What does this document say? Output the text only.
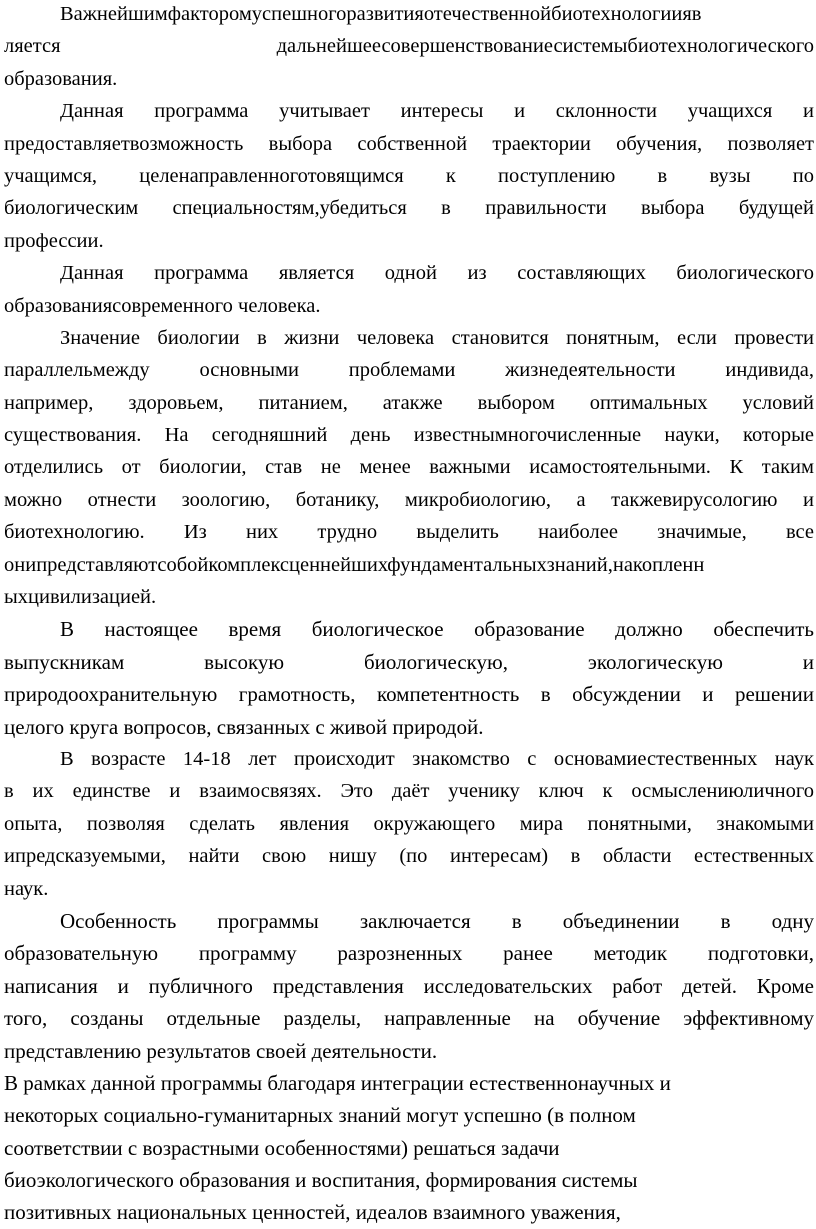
Важнейшимфакторомуспешногоразвитияотечественнойбиотехнологиияв
ляется дальнейшеесовершенствованиесистемыбиотехнологического
образования.
Данная программа учитывает интересы и склонности учащихся и
предоставляетвозможность выбора собственной траектории обучения, позволяет
учащимся, целенаправленноготовящимся к поступлению в вузы по
биологическим специальностям,убедиться в правильности выбора будущей
профессии.
Данная программа является одной из составляющих биологического
образованиясовременного человека.
Значение биологии в жизни человека становится понятным, если провести
параллельмежду основными проблемами жизнедеятельности индивида,
например, здоровьем, питанием, атакже выбором оптимальных условий
существования. На сегодняшний день известнымногочисленные науки, которые
отделились от биологии, став не менее важными исамостоятельными. К таким
можно отнести зоологию, ботанику, микробиологию, а такжевирусологию и
биотехнологию. Из них трудно выделить наиболее значимые, все
онипредставляютсобойкомплексценнейшихфундаментальныхзнаний,накопленн
ыхцивилизацией.
В настоящее время биологическое образование должно обеспечить
выпускникам высокую биологическую, экологическую и
природоохранительную грамотность, компетентность в обсуждении и решении
целого круга вопросов, связанных с живой природой.
В возрасте 14-18 лет происходит знакомство с основамиестественных наук
в их единстве и взаимосвязях. Это даёт ученику ключ к осмыслениюличного
опыта, позволяя сделать явления окружающего мира понятными, знакомыми
ипредсказуемыми, найти свою нишу (по интересам) в области естественных
наук.
Особенность программы заключается в объединении в одну
образовательную программу разрозненных ранее методик подготовки,
написания и публичного представления исследовательских работ детей. Кроме
того, созданы отдельные разделы, направленные на обучение эффективному
представлению результатов своей деятельности.
В рамках данной программы благодаря интеграции естественнонаучных и
некоторых социально-гуманитарных знаний могут успешно (в полном
соответствии с возрастными особенностями) решаться задачи
биоэкологического образования и воспитания, формирования системы
позитивных национальных ценностей, идеалов взаимного уважения,
